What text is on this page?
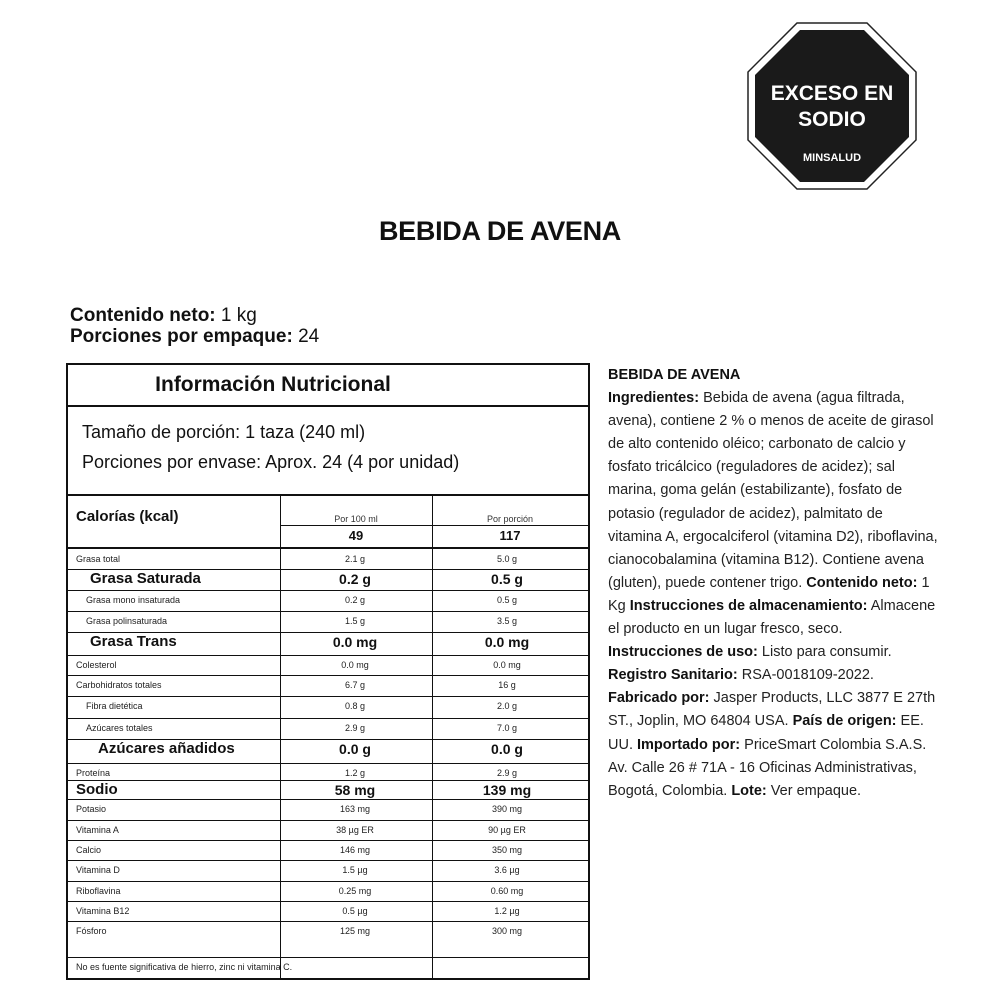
EXCESO EN
SODIO
MINSALUD
BEBIDA DE AVENA
Contenido neto: 1 kg
Porciones por empaque: 24
Información Nutricional
Tamaño de porción: 1 taza (240 ml)
Porciones por envase: Aprox. 24 (4 por unidad)
Calorías (kcal)	Por 100 ml	Por porción
49	117
Grasa total	2.1 g	5.0 g
Grasa Saturada	0.2 g	0.5 g
Grasa mono insaturada	0.2 g	0.5 g
Grasa polinsaturada	1.5 g	3.5 g
Grasa Trans	0.0 mg	0.0 mg
Colesterol	0.0 mg	0.0 mg
Carbohidratos totales	6.7 g	16 g
Fibra dietética	0.8 g	2.0 g
Azúcares totales	2.9 g	7.0 g
Azúcares añadidos	0.0 g	0.0 g
Proteína	1.2 g	2.9 g
Sodio	58 mg	139 mg
Potasio	163 mg	390 mg
Vitamina A	38 µg ER	90 µg ER
Calcio	146 mg	350 mg
Vitamina D	1.5 µg	3.6 µg
Riboflavina	0.25 mg	0.60 mg
Vitamina B12	0.5 µg	1.2 µg
Fósforo	125 mg	300 mg
No es fuente significativa de hierro, zinc ni vitamina C.
BEBIDA DE AVENA
Ingredientes: Bebida de avena (agua filtrada, avena), contiene 2 % o menos de aceite de girasol de alto contenido oléico; carbonato de calcio y fosfato tricálcico (reguladores de acidez); sal marina, goma gelán (estabilizante), fosfato de potasio (regulador de acidez), palmitato de vitamina A, ergocalciferol (vitamina D2), riboflavina, cianocobalamina (vitamina B12). Contiene avena (gluten), puede contener trigo. Contenido neto: 1 Kg Instrucciones de almacenamiento: Almacene el producto en un lugar fresco, seco. Instrucciones de uso: Listo para consumir. Registro Sanitario: RSA-0018109-2022. Fabricado por: Jasper Products, LLC 3877 E 27th ST., Joplin, MO 64804 USA. País de origen: EE. UU. Importado por: PriceSmart Colombia S.A.S. Av. Calle 26 # 71A - 16 Oficinas Administrativas, Bogotá, Colombia. Lote: Ver empaque.
